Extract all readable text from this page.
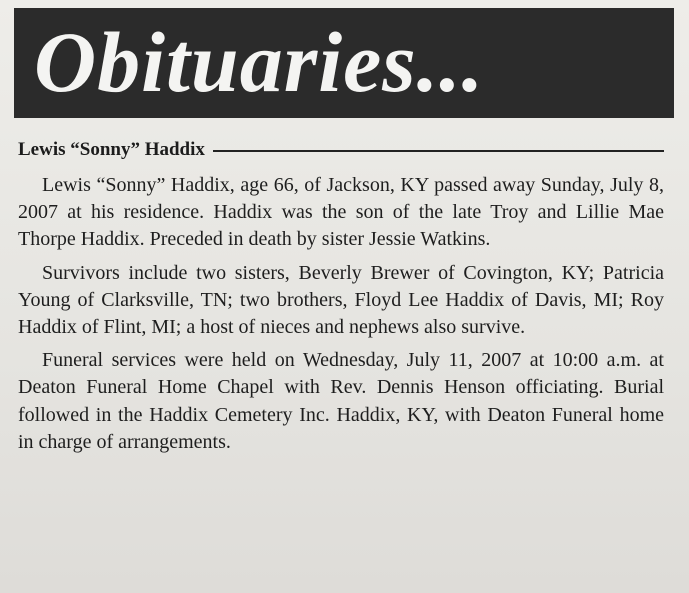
Obituaries...
Lewis “Sonny” Haddix

Lewis “Sonny” Haddix, age 66, of Jackson, KY passed away Sunday, July 8, 2007 at his residence. Haddix was the son of the late Troy and Lillie Mae Thorpe Haddix. Preceded in death by sister Jessie Watkins.

Survivors include two sisters, Beverly Brewer of Covington, KY; Patricia Young of Clarksville, TN; two brothers, Floyd Lee Haddix of Davis, MI; Roy Haddix of Flint, MI; a host of nieces and nephews also survive.

Funeral services were held on Wednesday, July 11, 2007 at 10:00 a.m. at Deaton Funeral Home Chapel with Rev. Dennis Henson officiating. Burial followed in the Haddix Cemetery Inc. Haddix, KY, with Deaton Funeral home in charge of arrangements.
